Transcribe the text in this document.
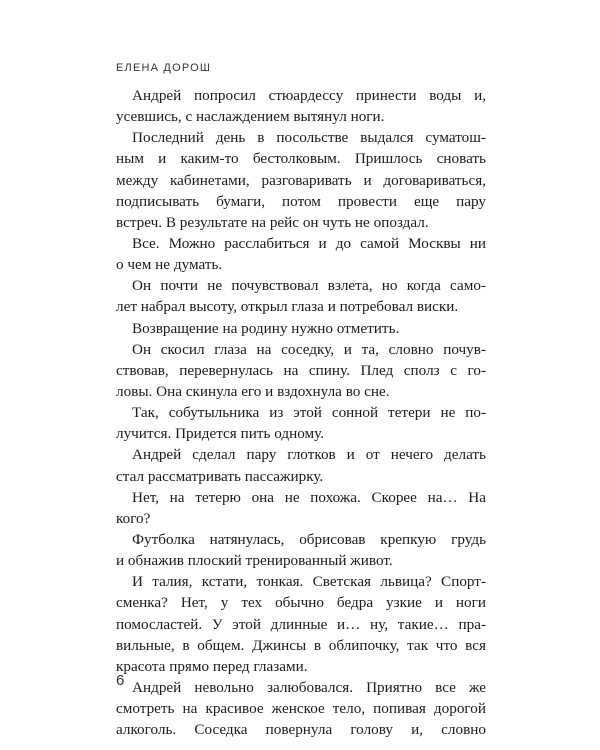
ЕЛЕНА ДОРОШ

Андрей попросил стюардессу принести воды и,
усевшись, с наслаждением вытянул ноги.

Последний день в посольстве выдался суматош-
ным и каким-то бестолковым. Пришлось сновать
между кабинетами, разговаривать и договариваться,
подписывать бумаги, потом провести еще пару
встреч. В результате на рейс он чуть не опоздал.

Все. Можно расслабиться и до самой Москвы ни
о чем не думать.

Он почти не почувствовал взлета, но когда само-
лет набрал высоту, открыл глаза и потребовал виски.

Возвращение на родину нужно отметить.

Он скосил глаза на соседку, и та, словно почув-
ствовав, перевернулась на спину. Плед сполз с го-
ловы. Она скинула его и вздохнула во сне.

Так, собутыльника из этой сонной тетери не по-
лучится. Придется пить одному.

Андрей сделал пару глотков и от нечего делать
стал рассматривать пассажирку.

Нет, на тетерю она не похожа. Скорее на… На
кого?

Футболка натянулась, обрисовав крепкую грудь
и обнажив плоский тренированный живот.

И талия, кстати, тонкая. Светская львица? Спорт-
сменка? Нет, у тех обычно бедра узкие и ноги
помосластей. У этой длинные и… ну, такие… пра-
вильные, в общем. Джинсы в облипочку, так что вся
красота прямо перед глазами.

Андрей невольно залюбовался. Приятно все же
смотреть на красивое женское тело, попивая дорогой
алкоголь. Соседка повернула голову и, словно

6
